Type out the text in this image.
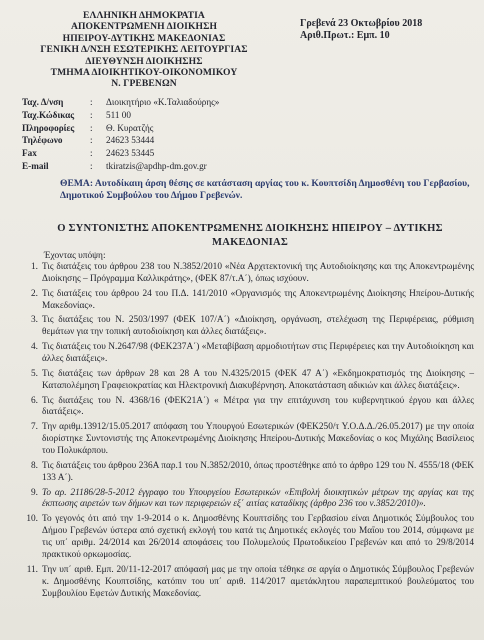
ΕΛΛΗΝΙΚΗ ΔΗΜΟΚΡΑΤΙΑ
ΑΠΟΚΕΝΤΡΩΜΕΝΗ ΔΙΟΙΚΗΣΗ
ΗΠΕΙΡΟΥ-ΔΥΤΙΚΗΣ ΜΑΚΕΔΟΝΙΑΣ
ΓΕΝΙΚΗ Δ/ΝΣΗ ΕΣΩΤΕΡΙΚΗΣ ΛΕΙΤΟΥΡΓΙΑΣ
ΔΙΕΥΘΥΝΣΗ ΔΙΟΙΚΗΣΗΣ
ΤΜΗΜΑ ΔΙΟΙΚΗΤΙΚΟΥ-ΟΙΚΟΝΟΜΙΚΟΥ
Ν. ΓΡΕΒΕΝΩΝ
Γρεβενά 23 Οκτωβρίου 2018
Αριθ.Πρωτ.: Εμπ. 10
Ταχ. Δ/νση	:	Διοικητήριο «Κ.Ταλιαδούρης»
Ταχ.Κώδικας	:	511 00
Πληροφορίες	:	Θ. Κυρατζής
Τηλέφωνο	:	24623 53444
Fax	:	24623 53445
E-mail	:	tkiratzis@apdhp-dm.gov.gr
ΘΕΜΑ: Αυτοδίκαιη άρση θέσης σε κατάσταση αργίας του κ. Κουπτσίδη Δημοσθένη του Γερβασίου, Δημοτικού Συμβούλου του Δήμου Γρεβενών.
Ο ΣΥΝΤΟΝΙΣΤΗΣ ΑΠΟΚΕΝΤΡΩΜΕΝΗΣ ΔΙΟΙΚΗΣΗΣ ΗΠΕΙΡΟΥ – ΔΥΤΙΚΗΣ ΜΑΚΕΔΟΝΙΑΣ
Έχοντας υπόψη:
1. Τις διατάξεις του άρθρου 238 του Ν.3852/2010 «Νέα Αρχιτεκτονική της Αυτοδιοίκησης και της Αποκεντρωμένης Διοίκησης – Πρόγραμμα Καλλικράτης», (ΦΕΚ 87/τ.Α΄), όπως ισχύουν.
2. Τις διατάξεις του άρθρου 24 του Π.Δ. 141/2010 «Οργανισμός της Αποκεντρωμένης Διοίκησης Ηπείρου-Δυτικής Μακεδονίας».
3. Τις διατάξεις του Ν. 2503/1997 (ΦΕΚ 107/Α΄) «Διοίκηση, οργάνωση, στελέχωση της Περιφέρειας, ρύθμιση θεμάτων για την τοπική αυτοδιοίκηση και άλλες διατάξεις».
4. Τις διατάξεις του Ν.2647/98 (ΦΕΚ237Α΄) «Μεταβίβαση αρμοδιοτήτων στις Περιφέρειες και την Αυτοδιοίκηση και άλλες διατάξεις».
5. Τις διατάξεις των άρθρων 28 και 28 Α του Ν.4325/2015 (ΦΕΚ 47 Α΄) «Εκδημοκρατισμός της Διοίκησης – Καταπολέμηση Γραφειοκρατίας και Ηλεκτρονική Διακυβέρνηση. Αποκατάσταση αδικιών και άλλες διατάξεις».
6. Τις διατάξεις του Ν. 4368/16 (ΦΕΚ21Α΄) « Μέτρα για την επιτάχυνση του κυβερνητικού έργου και άλλες διατάξεις».
7. Την αριθμ.13912/15.05.2017 απόφαση του Υπουργού Εσωτερικών (ΦΕΚ250/τ Υ.Ο.Δ.Δ./26.05.2017) με την οποία διορίστηκε Συντονιστής της Αποκεντρωμένης Διοίκησης Ηπείρου-Δυτικής Μακεδονίας ο κος Μιχάλης Βασίλειος του Πολυκάρπου.
8. Τις διατάξεις του άρθρου 236Α παρ.1 του Ν.3852/2010, όπως προστέθηκε από το άρθρο 129 του Ν. 4555/18 (ΦΕΚ 133 Α΄).
9. Το αρ. 21186/28-5-2012 έγγραφο του Υπουργείου Εσωτερικών «Επιβολή διοικητικών μέτρων της αργίας και της έκπτωσης αιρετών των δήμων και των περιφερειών εξ΄ αιτίας καταδίκης (άρθρο 236 του ν.3852/2010)».
10. Το γεγονός ότι από την 1-9-2014 ο κ. Δημοσθένης Κουπτσίδης του Γερβασίου είναι Δημοτικός Σύμβουλος του Δήμου Γρεβενών ύστερα από σχετική εκλογή του κατά τις Δημοτικές εκλογές του Μαΐου του 2014, σύμφωνα με τις υπ΄ αριθμ. 24/2014 και 26/2014 αποφάσεις του Πολυμελούς Πρωτοδικείου Γρεβενών και από το 29/8/2014 πρακτικού ορκωμοσίας.
11. Την υπ΄ αριθ. Εμπ. 20/11-12-2017 απόφασή μας με την οποία τέθηκε σε αργία ο Δημοτικός Σύμβουλος Γρεβενών κ. Δημοσθένης Κουπτσίδης, κατόπιν του υπ΄ αριθ. 114/2017 αμετάκλητου παραπεμπτικού βουλεύματος του Συμβουλίου Εφετών Δυτικής Μακεδονίας.
